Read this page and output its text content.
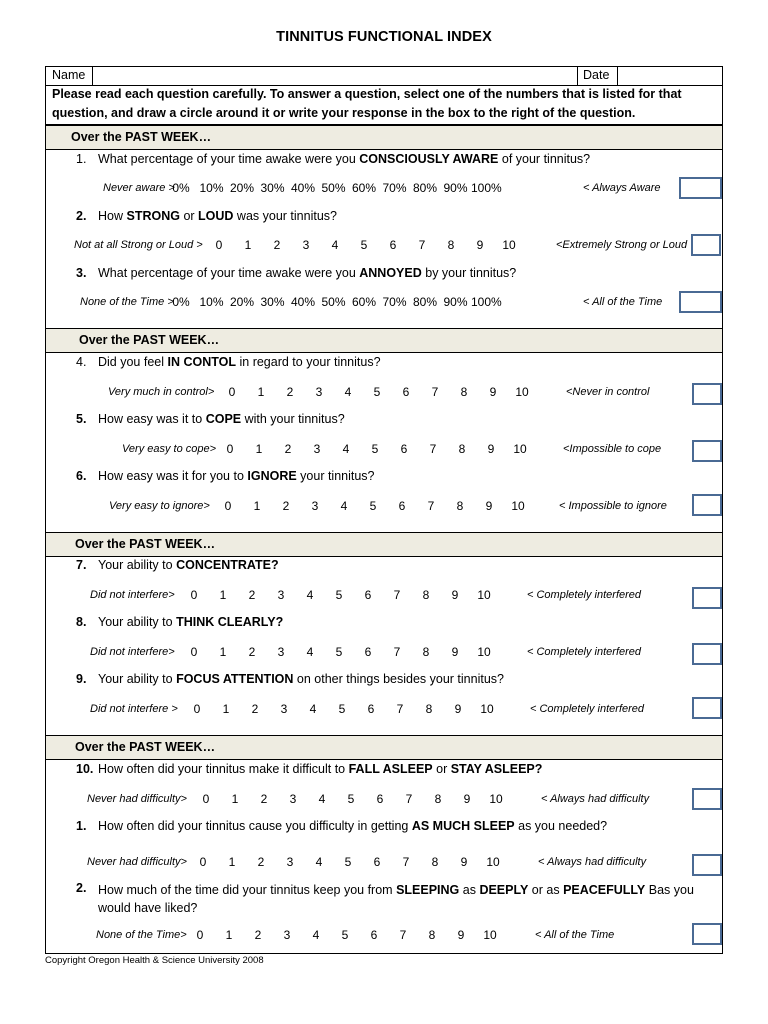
TINNITUS FUNCTIONAL INDEX
Name	Date
Please read each question carefully. To answer a question, select one of the numbers that is listed for that question, and draw a circle around it or write your response in the box to the right of the question.
Over the PAST WEEK…
Over the PAST WEEK…
Over the PAST WEEK…
Over the PAST WEEK…
1. What percentage of your time awake were you CONSCIOUSLY AWARE of your tinnitus?
Never aware >
0% 10% 20% 30% 40% 50% 60% 70% 80% 90% 100%	< Always Aware
2. How STRONG or LOUD was your tinnitus?
Not at all Strong or Loud >	0	1	2	3	4	5	6	7	8	9	10	<Extremely Strong or Loud
3. What percentage of your time awake were you ANNOYED by your tinnitus?
None of the Time >
0% 10% 20% 30% 40% 50% 60% 70% 80% 90% 100%	< All of the Time
4. Did you feel IN CONTOL in regard to your tinnitus?
Very much in control>	0	1	2	3	4	5	6	7	8	9	10	<Never in control
5. How easy was it to COPE with your tinnitus?
Very easy to cope> 0	1	2	3	4	5	6	7	8	9	10	<Impossible to cope
6. How easy was it for you to IGNORE your tinnitus?
Very easy to ignore>	0	1	2	3	4	5	6	7	8	9	10	< Impossible to ignore
7. Your ability to CONCENTRATE?
Did not interfere>	0	1	2	3	4	5	6	7	8	9	10	< Completely interfered
8. Your ability to THINK CLEARLY?
Did not interfere>	0	1	2	3	4	5	6	7	8	9	10	< Completely interfered
9. Your ability to FOCUS ATTENTION on other things besides your tinnitus?
Did not interfere >	0	1	2	3	4	5	6	7	8	9	10	< Completely interfered
10. How often did your tinnitus make it difficult to FALL ASLEEP or STAY ASLEEP?
Never had difficulty>	0	1	2	3	4	5	6	7	8	9	10	< Always had difficulty
1. How often did your tinnitus cause you difficulty in getting AS MUCH SLEEP as you needed?
Never had difficulty>	0	1	2	3	4	5	6	7	8	9	10	< Always had difficulty
2. How much of the time did your tinnitus keep you from SLEEPING as DEEPLY or as PEACEFULLY Bas you would have liked?
None of the Time> 0	1	2	3	4	5	6	7	8	9	10	< All of the Time
Copyright Oregon Health & Science University 2008
